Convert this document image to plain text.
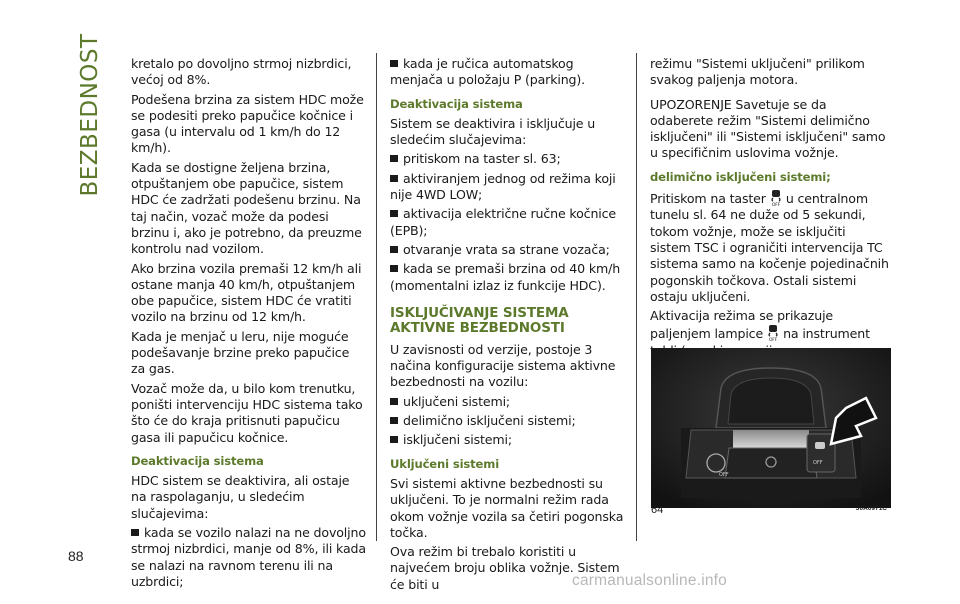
BEZBEDNOST kretalo po dovoljno strmoj nizbrdici, većoj od 8%.

Podešena brzina za sistem HDC može se podesiti preko papučice kočnice i gasa (u intervalu od 1 km/h do 12 km/h).

Kada se dostigne željena brzina, otpuštanjem obe papučice, sistem HDC će zadržati podešenu brzinu. Na taj način, vozač može da podesi brzinu i, ako je potrebno, da preuzme kontrolu nad vozilom.

Ako brzina vozila premaši 12 km/h ali ostane manja 40 km/h, otpuštanjem obe papučice, sistem HDC će vratiti vozilo na brzinu od 12 km/h.

Kada je menjač u leru, nije moguće podešavanje brzine preko papučice za gas.

Vozač može da, u bilo kom trenutku, poništi intervenciju HDC sistema tako što će do kraja pritisnuti papučicu gasa ili papučicu kočnice.

Deaktivacija sistema

HDC sistem se deaktivira, ali ostaje na raspolaganju, u sledećim slučajevima:

kada se vozilo nalazi na ne dovoljno strmoj nizbrdici, manje od 8%, ili kada se nalazi na ravnom terenu ili na uzbrdici;

kada je ručica automatskog menjača u položaju P (parking).

Deaktivacija sistema

Sistem se deaktivira i isključuje u sledećim slučajevima:

pritiskom na taster sl. 63;

aktiviranjem jednog od režima koji nije 4WD LOW;

aktivacija električne ručne kočnice (EPB);

otvaranje vrata sa strane vozača;

kada se premaši brzina od 40 km/h (momentalni izlaz iz funkcije HDC).

ISKLJUČIVANJE SISTEMA AKTIVNE BEZBEDNOSTI

U zavisnosti od verzije, postoje 3 načina konfiguracije sistema aktivne bezbednosti na vozilu:

uključeni sistemi;

delimično isključeni sistemi;

isključeni sistemi;

Uključeni sistemi

Svi sistemi aktivne bezbednosti su uključeni. To je normalni režim rada okom vožnje vozila sa četiri pogonska točka.

Ova režim bi trebalo koristiti u najvećem broju oblika vožnje. Sistem će biti u

režimu "Sistemi uključeni" prilikom svakog paljenja motora.

UPOZORENJE Savetuje se da odaberete režim "Sistemi delimično isključeni" ili "Sistemi isključeni" samo u specifičnim uslovima vožnje.

delimično isključeni sistemi;

Pritiskom na taster OFF u centralnom tunelu sl. 64 ne duže od 5 sekundi, tokom vožnje, može se isključiti sistem TSC i ograničiti intervencija TC sistema samo na kočenje pojedinačnih pogonskih točkova. Ostali sistemi ostaju uključeni.

Aktivacija režima se prikazuje paljenjem lampice OFF na instrument

OFF
OFF
64	J0A0971C
88
carmanualsonline.info
